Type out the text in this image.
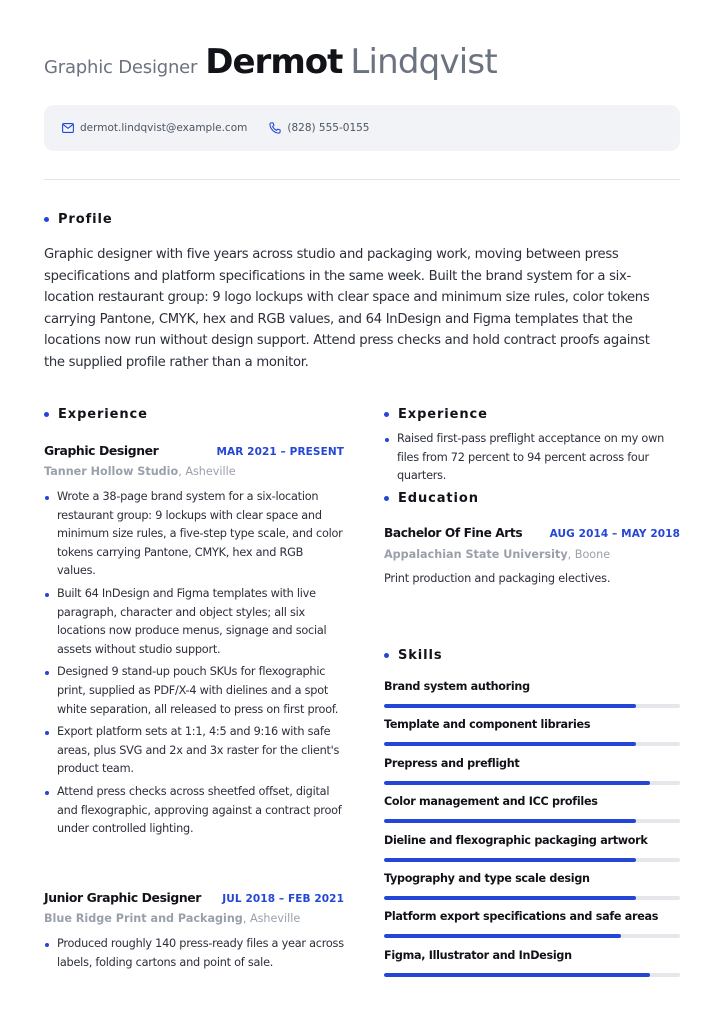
Graphic Designer Dermot Lindqvist
dermot.lindqvist@example.com	(828) 555-0155
Profile

Graphic designer with five years across studio and packaging work, moving between press specifications and platform specifications in the same week. Built the brand system for a six-location restaurant group: 9 logo lockups with clear space and minimum size rules, color tokens carrying Pantone, CMYK, hex and RGB values, and 64 InDesign and Figma templates that the locations now run without design support. Attend press checks and hold contract proofs against the supplied profile rather than a monitor.

Experience
Graphic Designer	MAR 2021 – PRESENT
Tanner Hollow Studio, Asheville
Wrote a 38-page brand system for a six-location restaurant group: 9 lockups with clear space and minimum size rules, a five-step type scale, and color tokens carrying Pantone, CMYK, hex and RGB values.
Built 64 InDesign and Figma templates with live paragraph, character and object styles; all six locations now produce menus, signage and social assets without studio support.
Designed 9 stand-up pouch SKUs for flexographic print, supplied as PDF/X-4 with dielines and a spot white separation, all released to press on first proof.
Export platform sets at 1:1, 4:5 and 9:16 with safe areas, plus SVG and 2x and 3x raster for the client's product team.
Attend press checks across sheetfed offset, digital and flexographic, approving against a contract proof under controlled lighting.
Junior Graphic Designer JUL 2018 – FEB 2021
Blue Ridge Print and Packaging, Asheville
Produced roughly 140 press-ready files a year across labels, folding cartons and point of sale.
Experience
Raised first-pass preflight acceptance on my own files from 72 percent to 94 percent across four quarters.
Education
Bachelor Of Fine Arts	AUG 2014 – MAY 2018
Appalachian State University, Boone
Print production and packaging electives.
Skills
Brand system authoring
Template and component libraries
Prepress and preflight
Color management and ICC profiles
Dieline and flexographic packaging artwork
Typography and type scale design
Platform export specifications and safe areas
Figma, Illustrator and InDesign
